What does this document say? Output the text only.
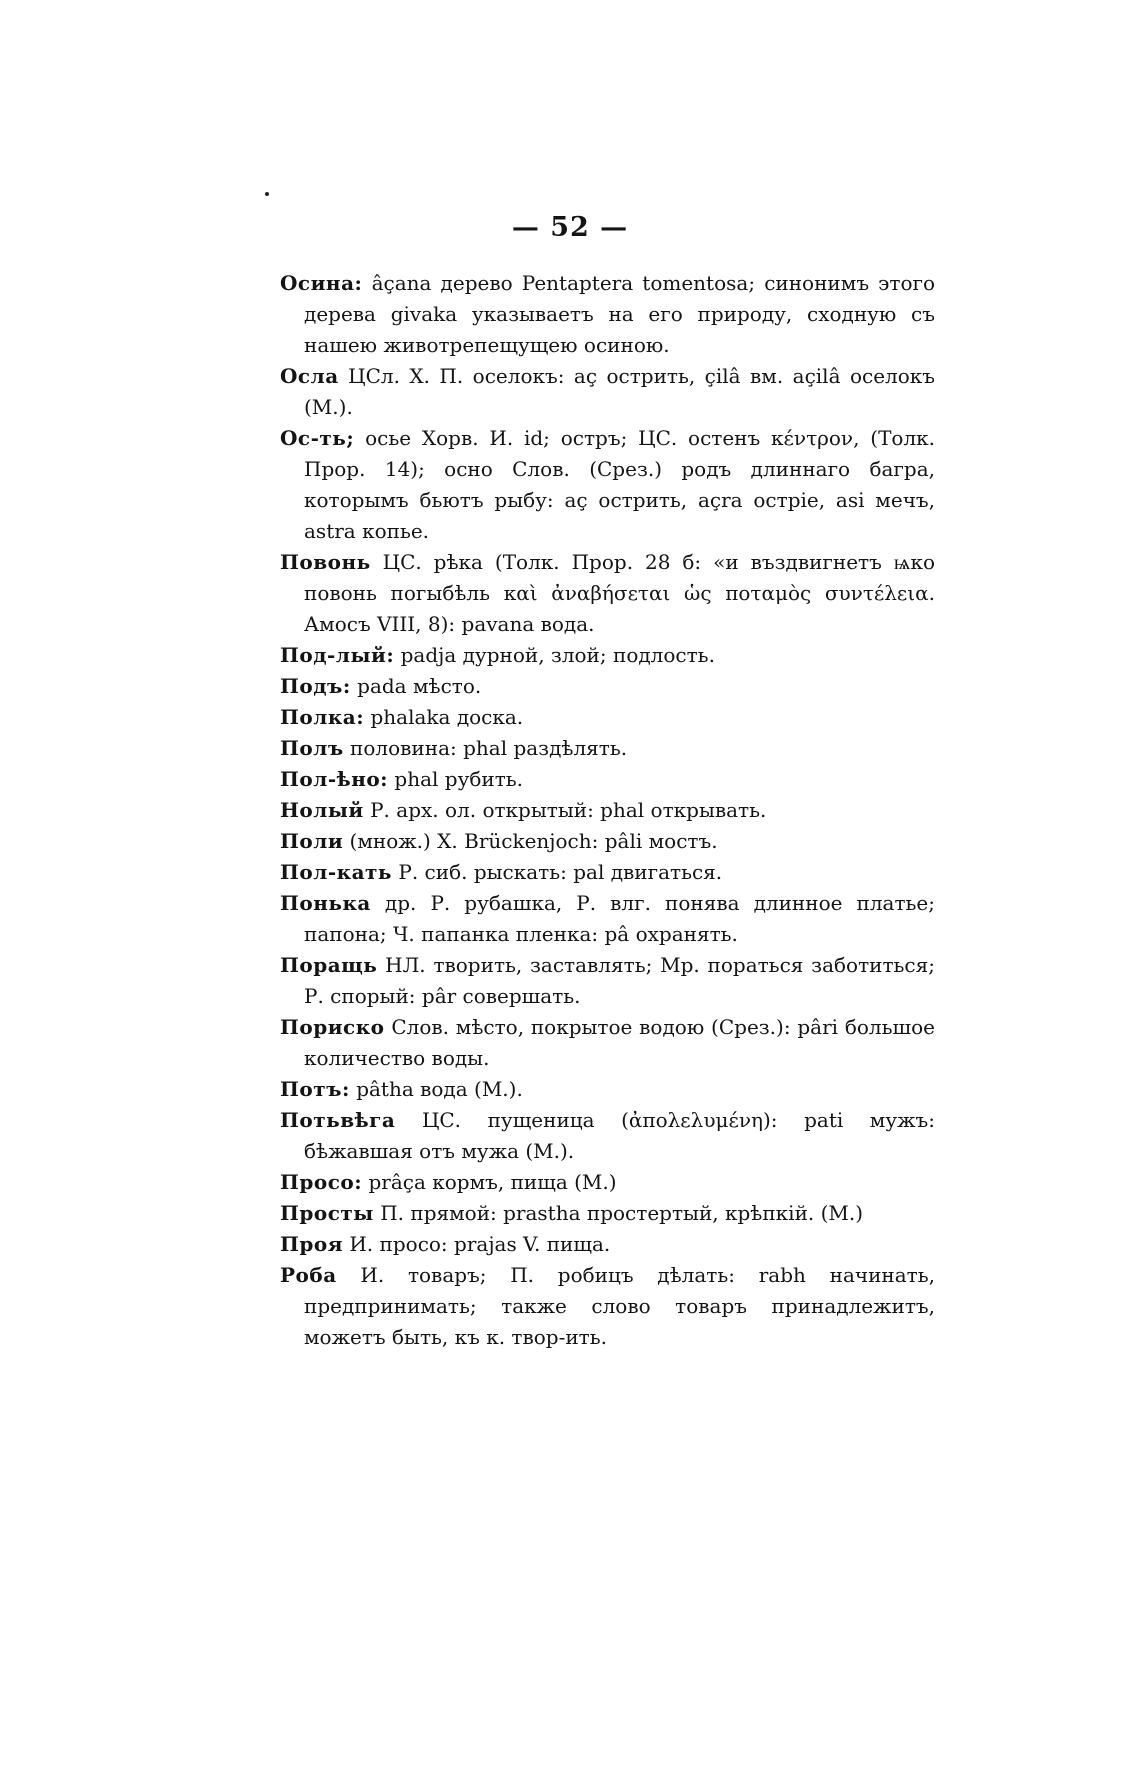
— 52 —

Осина: âçana дерево Pentaptera tomentosa; синонимъ этого дерева givaka указываетъ на его природу, сходную съ нашею животрепещущею осиною.

Осла ЦСл. Х. П. оселокъ: aç острить, çilâ вм. açilâ оселокъ (М.).

Ос-ть; осье Хорв. И. id; остръ; ЦС. остенъ κέντρον, (Толк. Пpoр. 14); осно Слов. (Срез.) родъ длиннаго багра, которымъ бьютъ рыбу: aç острить, açra острie, asi мечъ, astra копье.

Повонь ЦС. рѣка (Толк. Пpoр. 28 б: «и въздвигнетъ ѩко повонь погыбѣль καὶ ἀναβήσεται ὡς ποταμὸς συντέλεια. Амосъ VIII, 8): pavana вода.

Под-лый: padja дурной, злой; подлость.

Подъ: pada мѣсто.

Полка: phalaka доска.

Полъ половина: phal раздѣлять.

Пол-ѣно: phal рубить.

Нолый Р. арх. ол. открытый: phal открывать.

Поли (множ.) Х. Brückenjoch: pâli мостъ.

Пол-кать Р. сиб. рыскать: pal двигаться.

Понька др. Р. рубашка, Р. влг. понява длинное платье; папона; Ч. папанка пленка: pâ охранять.

Поращь НЛ. творить, заставлять; Мр. поратьcя заботиться; Р. спорый: pâr совершать.

Пориско Слов. мѣсто, покрытое водою (Срез.): pâri большое количество воды.

Потъ: pâtha вода (М.).

Потьвѣга ЦС. пущеница (ἀπολελυμένη): pati мужъ: бѣжавшая отъ мужа (М.).

Просо: prâça кормъ, пища (М.)

Просты П. прямой: prastha простертый, крѣпкiй. (М.)

Проя И. просо: prajas V. пища.

Роба И. товаръ; П. робицъ дѣлать: rabh начинать, предпринимать; также слово товаръ принадлежитъ, можетъ быть, къ к. твор-ить.
